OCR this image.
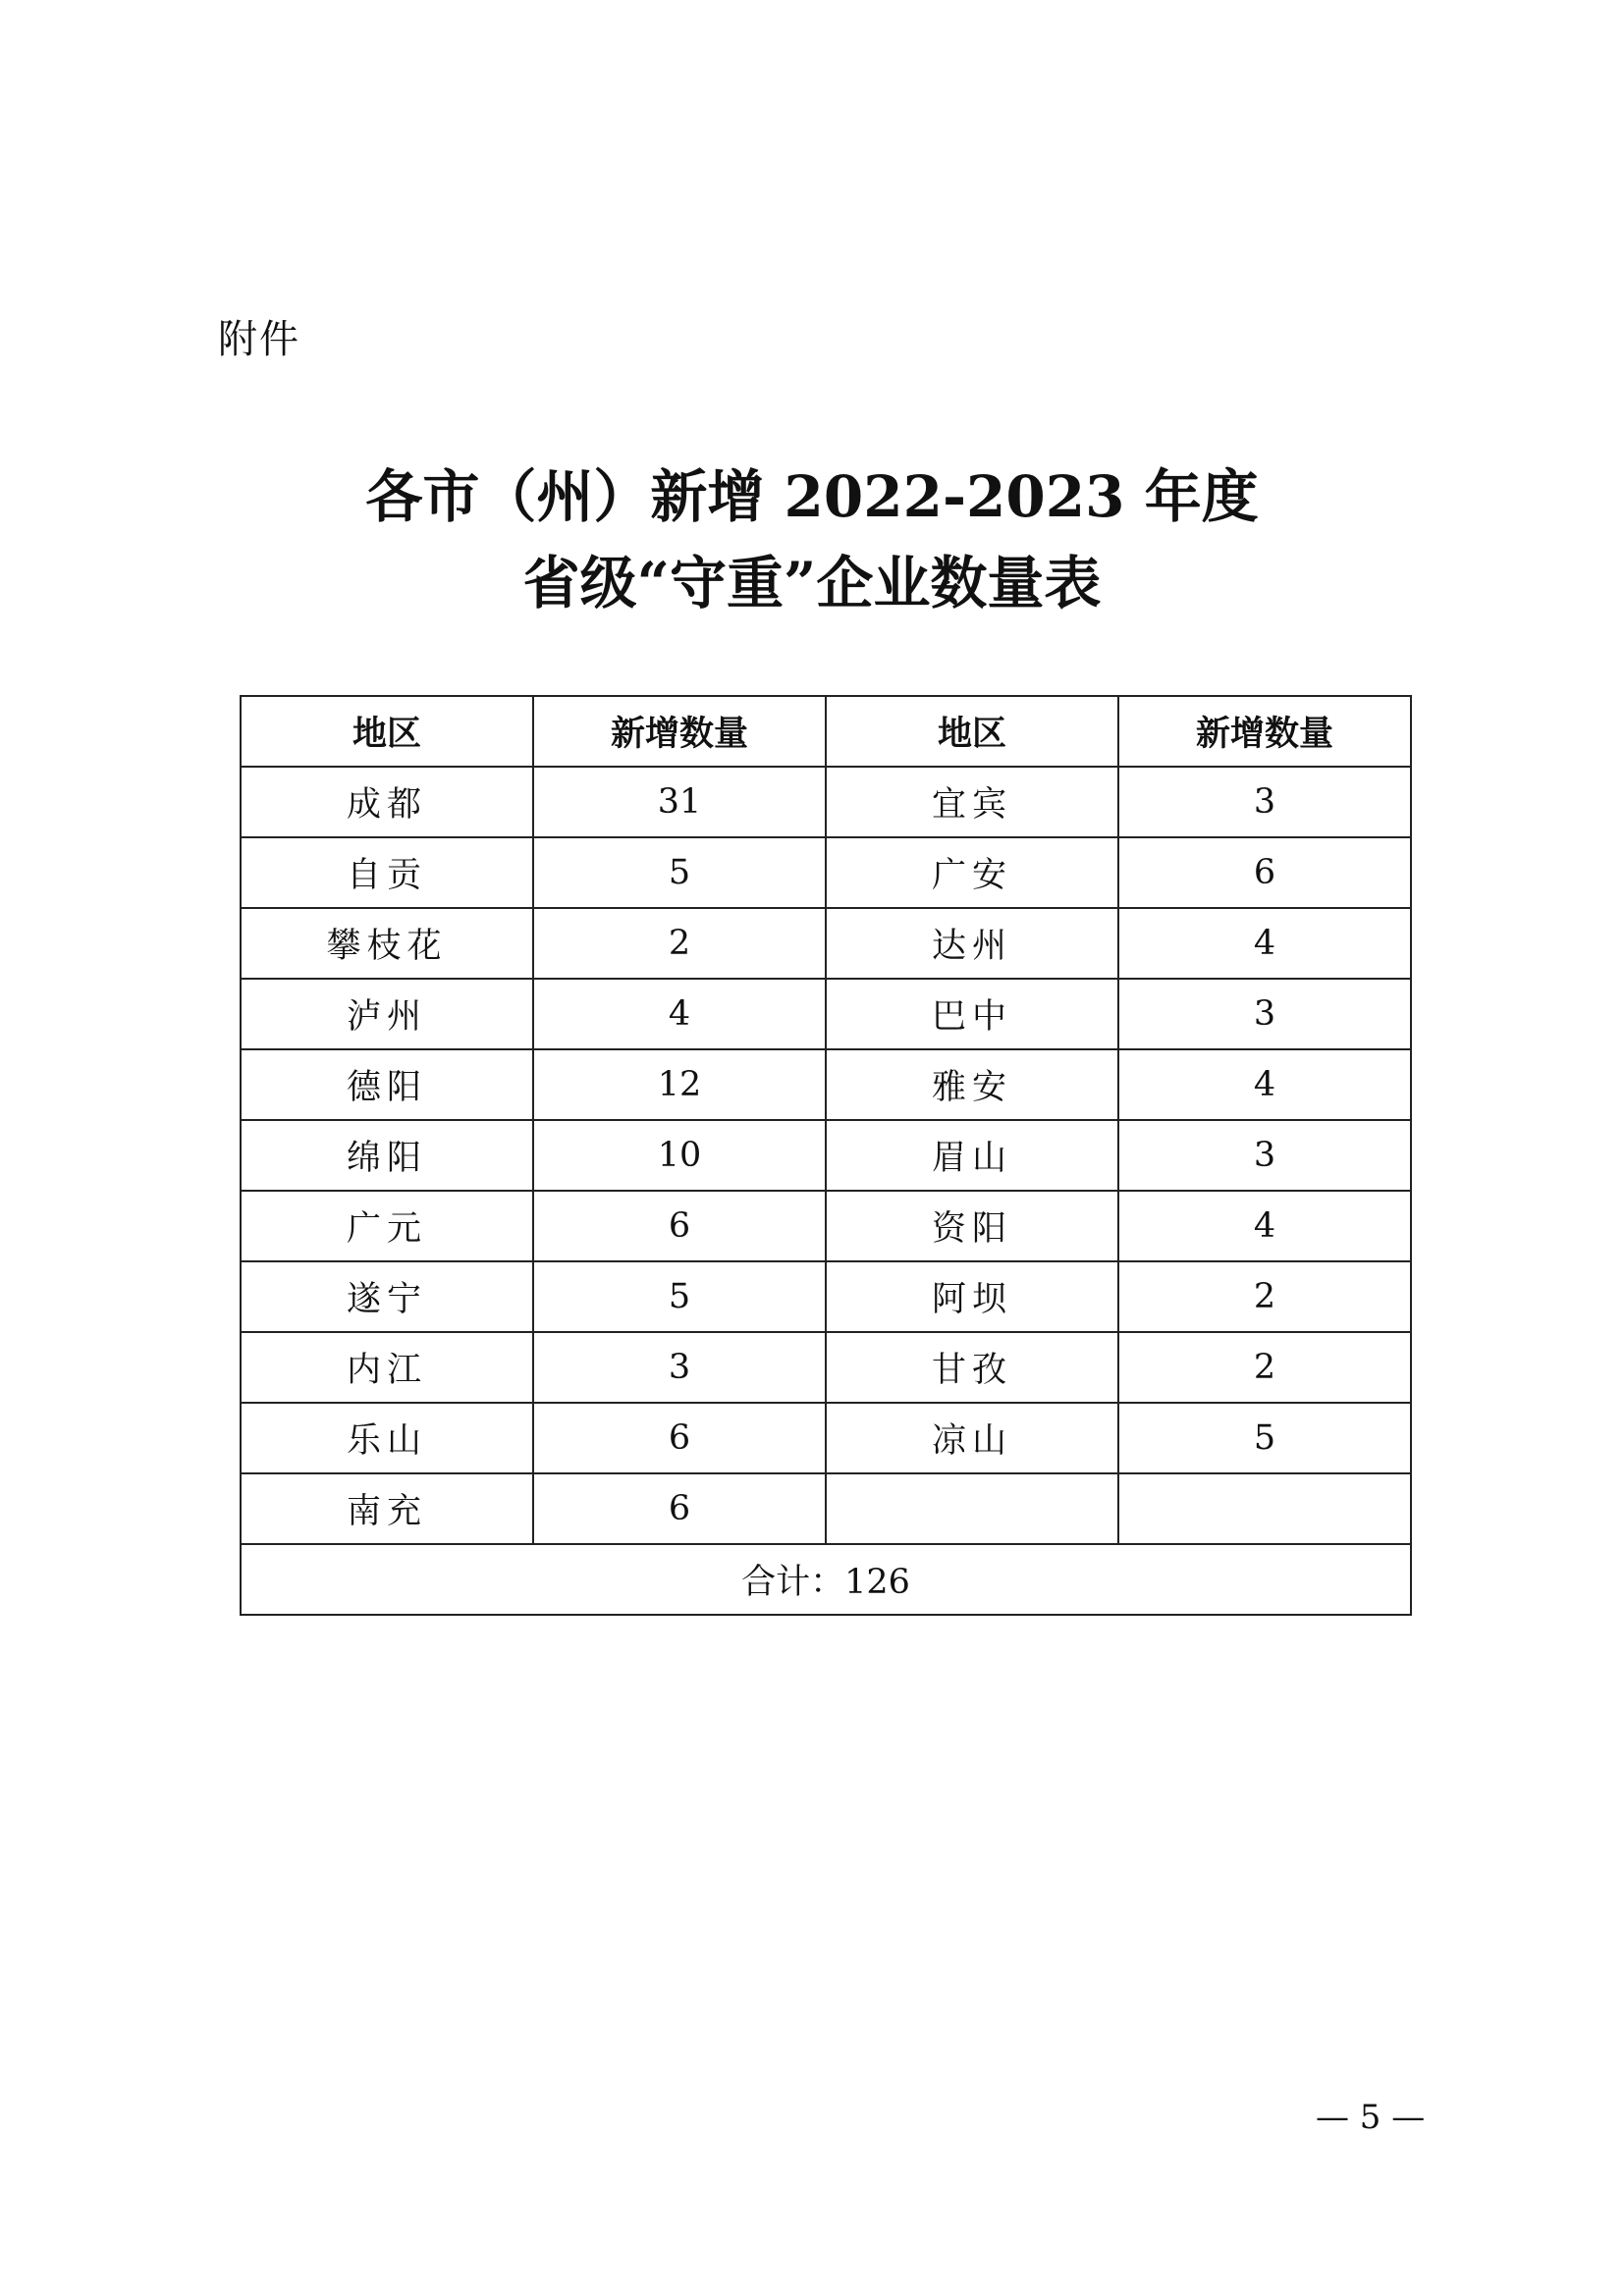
附件
各市（州）新增 2022-2023 年度
省级“守重”企业数量表
地区	新增数量	地区	新增数量
成都	31	宜宾	3
自贡	5	广安	6
攀枝花	2	达州	4
泸州	4	巴中	3
德阳	12	雅安	4
绵阳	10	眉山	3
广元	6	资阳	4
遂宁	5	阿坝	2
内江	3	甘孜	2
乐山	6	凉山	5
南充	6		
合计：126			
— 5 —
